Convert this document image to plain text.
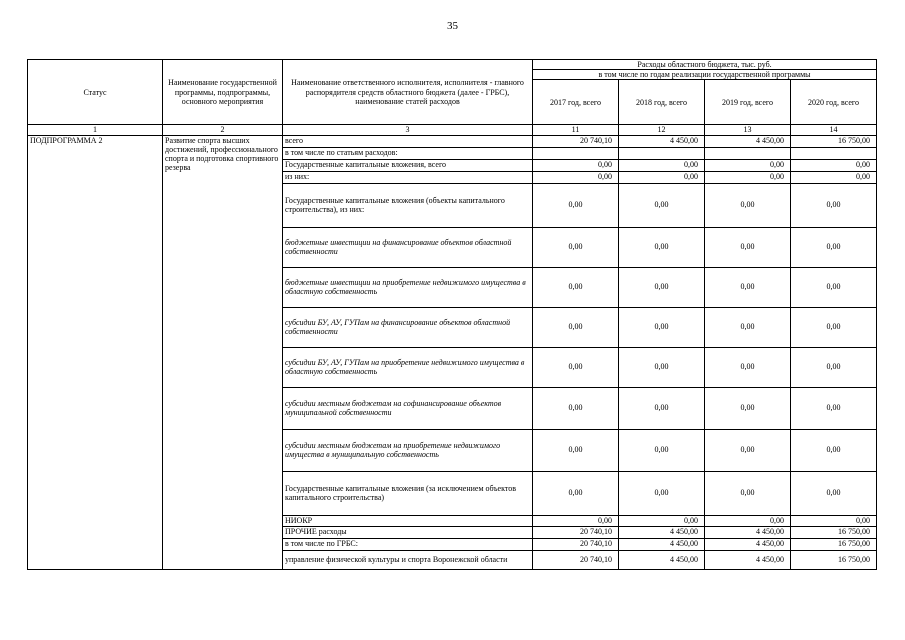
35
Статус	Наименование государственной программы, подпрограммы, основного мероприятия	Наименование ответственного исполнителя, исполнителя - главного распорядителя средств областного бюджета (далее - ГРБС), наименование статей расходов	Расходы областного бюджета, тыс. руб.			
			в том числе по годам реализации государственной программы			
			2017 год, всего	2018 год, всего	2019 год, всего	2020 год, всего
1	2	3	11	12	13	14
ПОДПРОГРАММА 2	Развитие спорта высших достижений, профессионального спорта и подготовка спортивного резерва	всего	20 740,10	4 450,00	4 450,00	16 750,00
		в том числе по статьям расходов:				
		Государственные капитальные вложения, всего	0,00	0,00	0,00	0,00
		из них:	0,00	0,00	0,00	0,00
		Государственные капитальные вложения (объекты капитального строительства), из них:	0,00	0,00	0,00	0,00
		бюджетные инвестиции на финансирование объектов областной собственности	0,00	0,00	0,00	0,00
		бюджетные инвестиции на приобретение недвижимого имущества в областную собственность	0,00	0,00	0,00	0,00
		субсидии БУ, АУ, ГУПам на финансирование объектов областной собственности	0,00	0,00	0,00	0,00
		субсидии БУ, АУ, ГУПам на приобретение недвижимого имущества в областную собственность	0,00	0,00	0,00	0,00
		субсидии местным бюджетам на софинансирование объектов муниципальной собственности	0,00	0,00	0,00	0,00
		субсидии местным бюджетам на приобретение недвижимого имущества в муниципальную собственность	0,00	0,00	0,00	0,00
		Государственные капитальные вложения (за исключением объектов капитального строительства)	0,00	0,00	0,00	0,00
		НИОКР	0,00	0,00	0,00	0,00
		ПРОЧИЕ расходы	20 740,10	4 450,00	4 450,00	16 750,00
		в том числе по ГРБС:	20 740,10	4 450,00	4 450,00	16 750,00
		управление физической культуры и спорта Воронежской области	20 740,10	4 450,00	4 450,00	16 750,00
